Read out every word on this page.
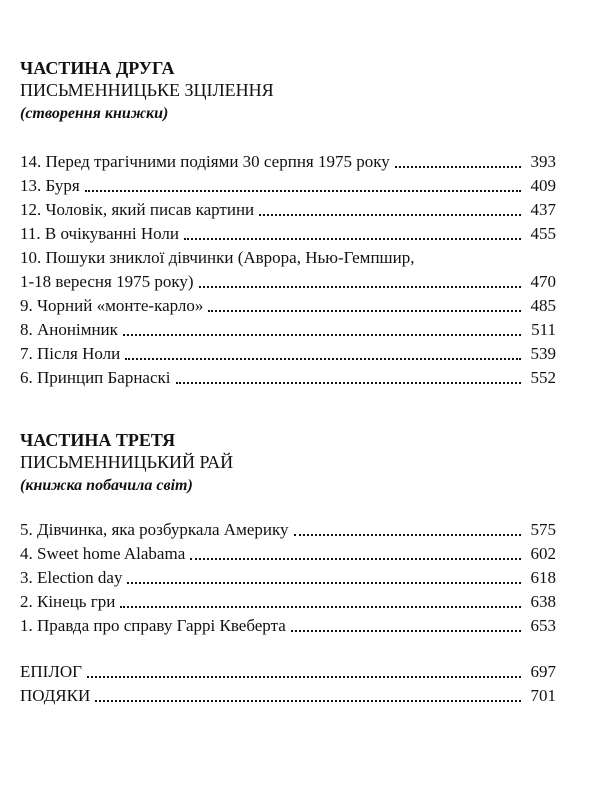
ЧАСТИНА ДРУГА
ПИСЬМЕННИЦЬКЕ ЗЦІЛЕННЯ
(створення книжки)
14. Перед трагічними подіями 30 серпня 1975 року	393
13. Буря	409
12. Чоловік, який писав картини	437
11. В очікуванні Ноли	455
10. Пошуки зниклої дівчинки (Аврора, Нью-Гемпшир,
1-18 вересня 1975 року)	470
9. Чорний «монте-карло»	485
8. Анонімник	511
7. Після Ноли	539
6. Принцип Барнаскі	552
ЧАСТИНА ТРЕТЯ
ПИСЬМЕННИЦЬКИЙ РАЙ
(книжка побачила світ)
5. Дівчинка, яка розбуркала Америку	575
4. Sweet home Alabama	602
3. Election day	618
2. Кінець гри	638
1. Правда про справу Гаррі Квеберта	653
ЕПІЛОГ	697
ПОДЯКИ	701
